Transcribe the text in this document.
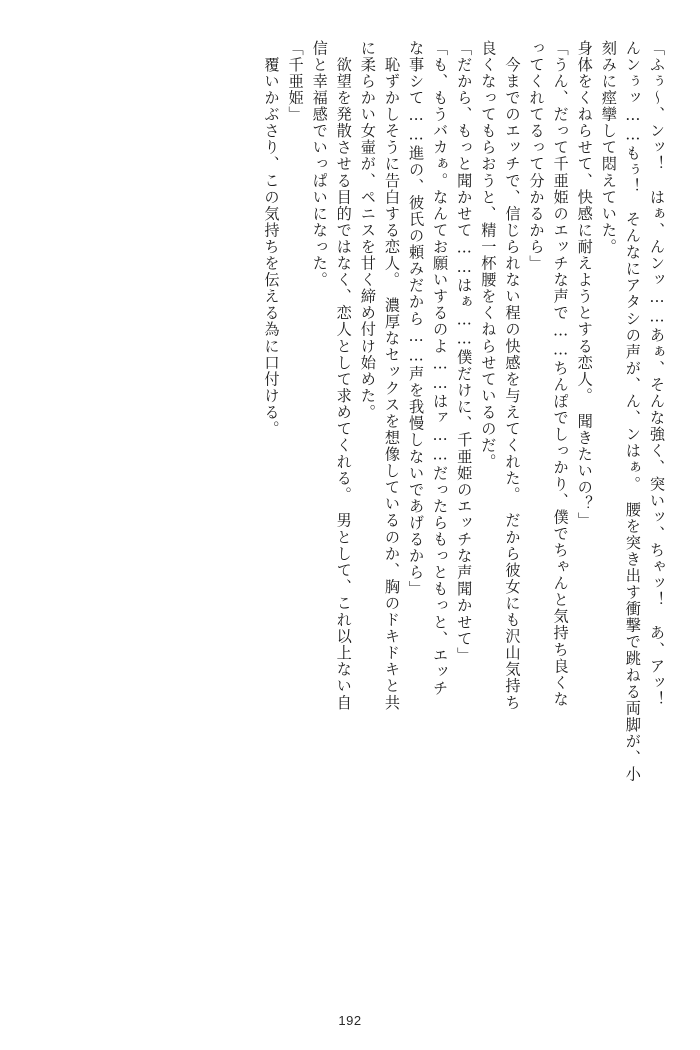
「ふぅ～、ンッ！　はぁ、んンッ……あぁ、そんな強く、突いッ、ちゃッ！　あ、アッ！
んンぅッ……もぅ！　そんなにアタシの声が、ん、ンはぁ。　腰を突き出す衝撃で跳ねる両脚が、小
刻みに痙攣して悶えていた。
身体をくねらせて、快感に耐えようとする恋人。　聞きたいの？」
「うん、だって千亜姫のエッチな声で……ちんぽでしっかり、僕でちゃんと気持ち良くな
ってくれてるって分かるから」
　今までのエッチで、信じられない程の快感を与えてくれた。　だから彼女にも沢山気持ち
良くなってもらおうと、精一杯腰をくねらせているのだ。
「だから、もっと聞かせて……はぁ……僕だけに、千亜姫のエッチな声聞かせて」
「も、もうバカぁ。なんてお願いするのよ……はァ……だったらもっともっと、エッチ
な事シて……進の、彼氏の頼みだから……声を我慢しないであげるから」
　恥ずかしそうに告白する恋人。　濃厚なセックスを想像しているのか、胸のドキドキと共
に柔らかい女壷が、ペニスを甘く締め付け始めた。
　欲望を発散させる目的ではなく、恋人として求めてくれる。　男として、これ以上ない自
信と幸福感でいっぱいになった。
「千亜姫」
　覆いかぶさり、この気持ちを伝える為に口付ける。
192
